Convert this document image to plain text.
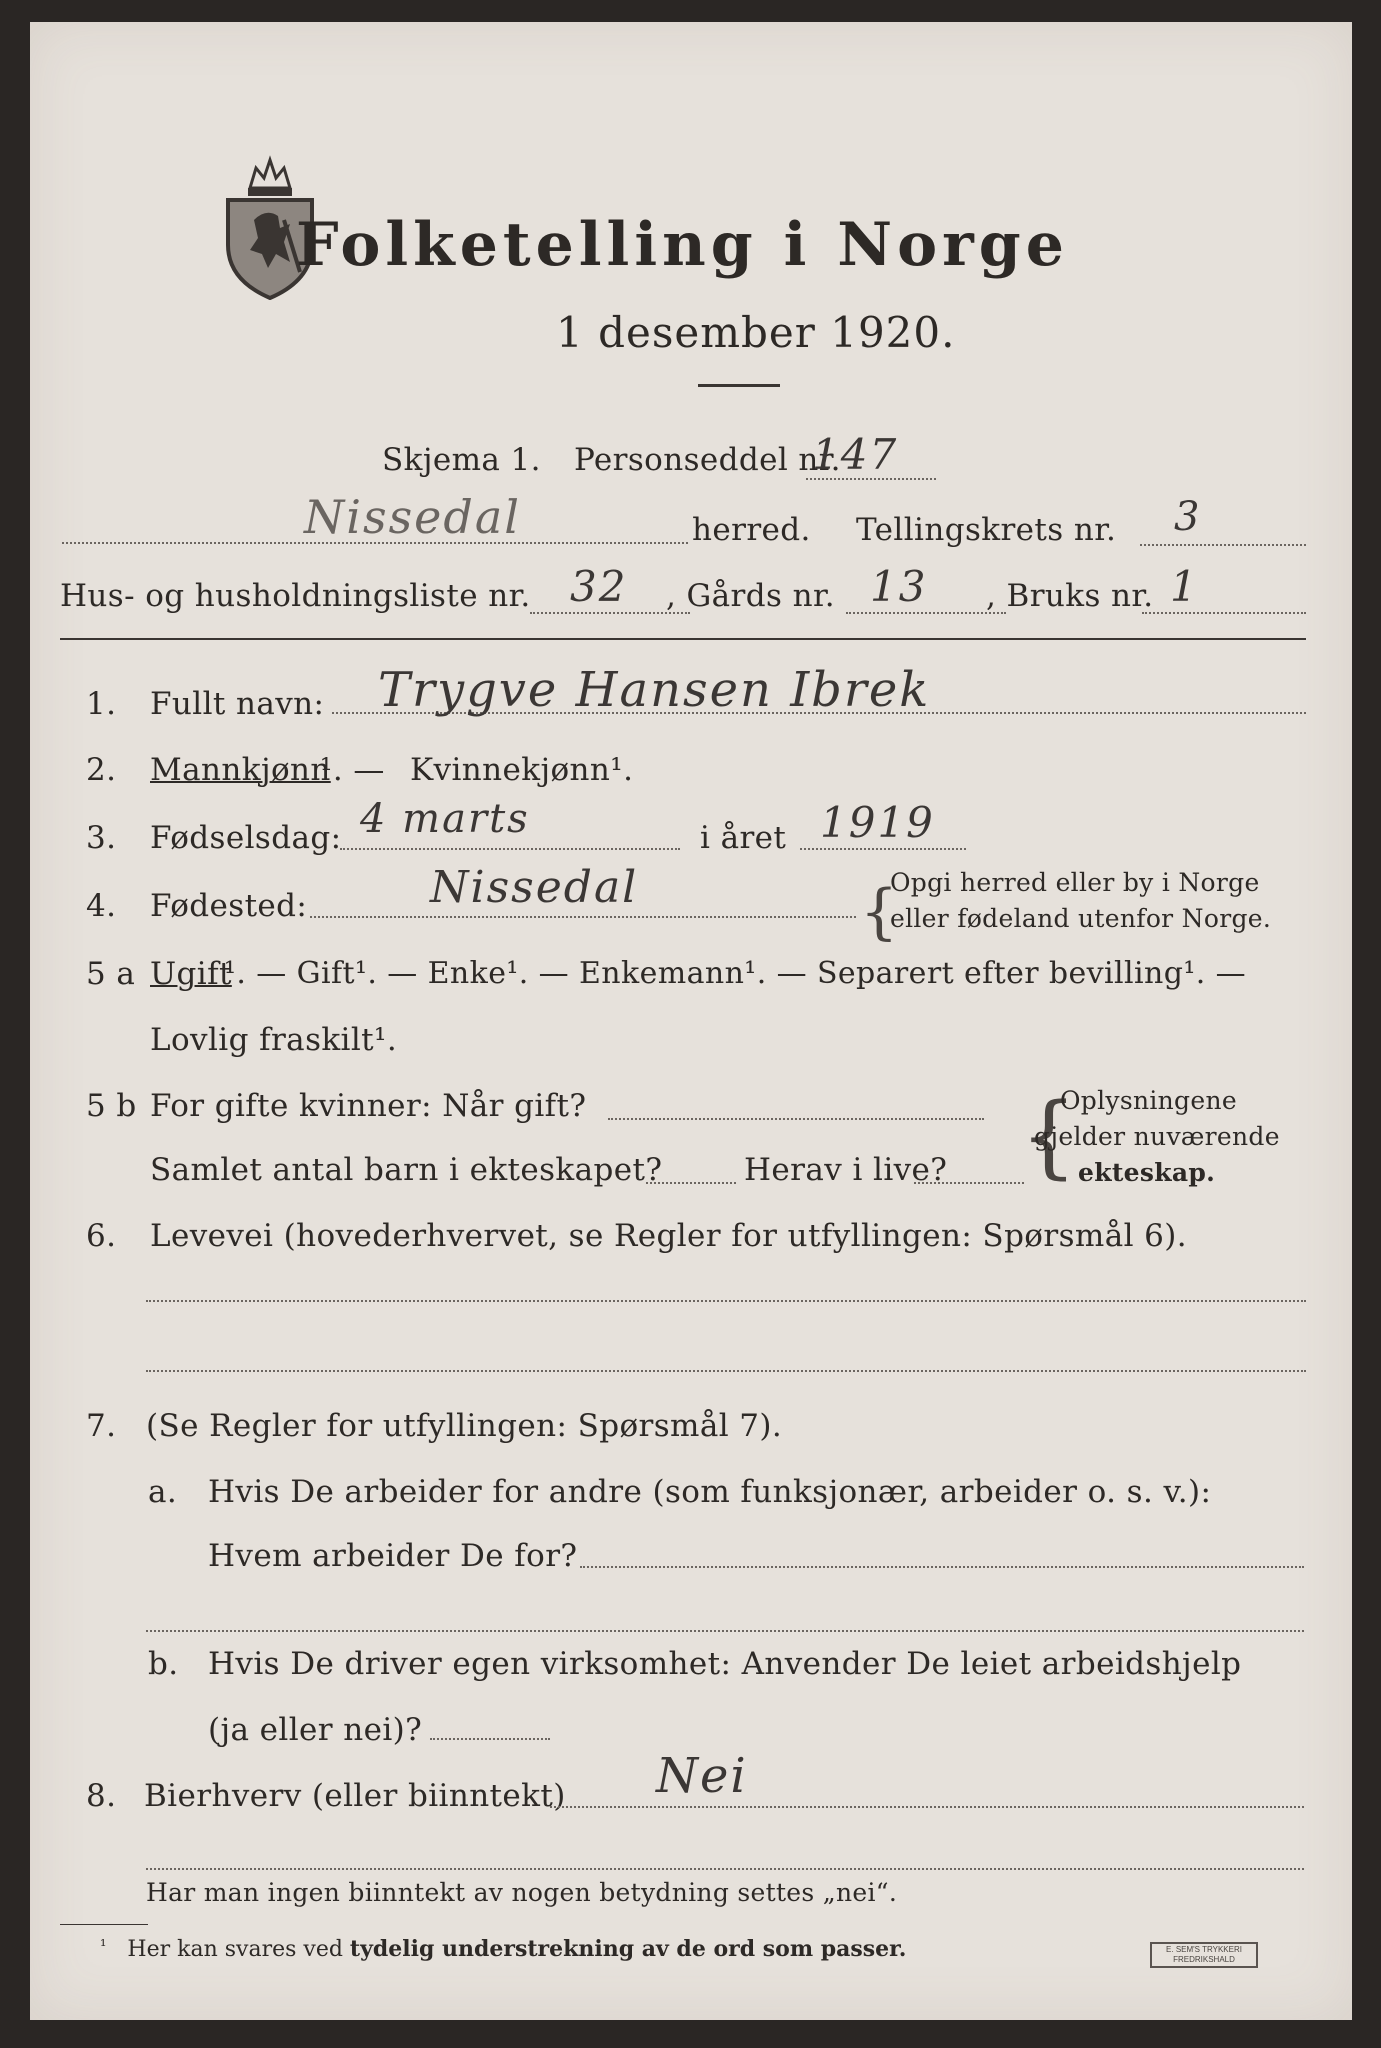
Folketelling i Norge
1 desember 1920.
Skjema 1. Personseddel nr.
147
Nissedal	herred. Tellingskrets nr. 3
Hus- og husholdningsliste nr. 32 , Gårds nr. 13 , Bruks nr. 1
1. Fullt navn: Trygve Hansen Ibrek
2. Mannkjønn
¹. — Kvinnekjønn¹.
3. Fødselsdag: 4 marts	i året 1919
4. Fødested:	Nissedal	{
Opgi herred eller by i Norge
eller fødeland utenfor Norge.
5 a Ugift
¹. — Gift¹. — Enke¹. — Enkemann¹. — Separert efter bevilling¹. —
Lovlig fraskilt¹.
5 b For gifte kvinner: Når gift?
Samlet antal barn i ekteskapet?	Herav i live? {
Oplysningene
gjelder nuværende
ekteskap.
6. Levevei (hovederhvervet, se Regler for utfyllingen: Spørsmål 6).
7. (Se Regler for utfyllingen: Spørsmål 7).
a. Hvis De arbeider for andre (som funksjonær, arbeider o. s. v.):
Hvem arbeider De for?
b. Hvis De driver egen virksomhet: Anvender De leiet arbeidshjelp
(ja eller nei)?
8. Bierhverv (eller biinntekt) Nei
Har man ingen biinntekt av nogen betydning settes „nei“.
$^{^1}$ Her kan svares ved tydelig understrekning av de ord som passer.	E. SEM'S TRYKKERI
FREDRIKSHALD
